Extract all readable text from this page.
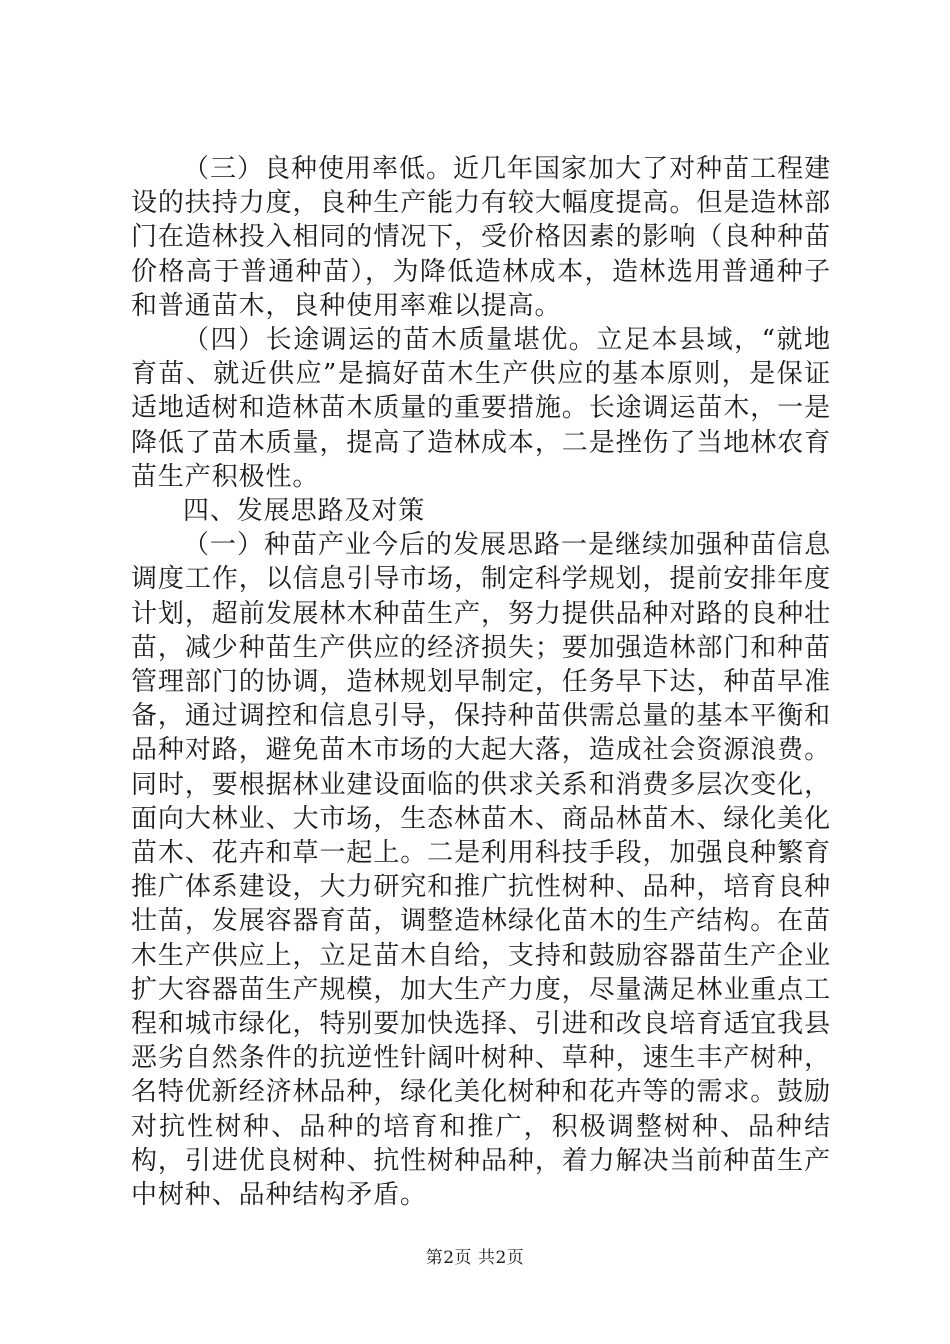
（三）良种使用率低。近几年国家加大了对种苗工程建设的扶持力度，良种生产能力有较大幅度提高。但是造林部门在造林投入相同的情况下，受价格因素的影响（良种种苗价格高于普通种苗），为降低造林成本，造林选用普通种子和普通苗木，良种使用率难以提高。

（四）长途调运的苗木质量堪优。立足本县域，“就地育苗、就近供应”是搞好苗木生产供应的基本原则，是保证适地适树和造林苗木质量的重要措施。长途调运苗木，一是降低了苗木质量，提高了造林成本，二是挫伤了当地林农育苗生产积极性。

四、发展思路及对策

（一）种苗产业今后的发展思路一是继续加强种苗信息调度工作，以信息引导市场，制定科学规划，提前安排年度计划，超前发展林木种苗生产，努力提供品种对路的良种壮苗，减少种苗生产供应的经济损失；要加强造林部门和种苗管理部门的协调，造林规划早制定，任务早下达，种苗早准备，通过调控和信息引导，保持种苗供需总量的基本平衡和品种对路，避免苗木市场的大起大落，造成社会资源浪费。同时，要根据林业建设面临的供求关系和消费多层次变化，面向大林业、大市场，生态林苗木、商品林苗木、绿化美化苗木、花卉和草一起上。二是利用科技手段，加强良种繁育推广体系建设，大力研究和推广抗性树种、品种，培育良种壮苗，发展容器育苗，调整造林绿化苗木的生产结构。在苗木生产供应上，立足苗木自给，支持和鼓励容器苗生产企业扩大容器苗生产规模，加大生产力度，尽量满足林业重点工程和城市绿化，特别要加快选择、引进和改良培育适宜我县恶劣自然条件的抗逆性针阔叶树种、草种，速生丰产树种，名特优新经济林品种，绿化美化树种和花卉等的需求。鼓励对抗性树种、品种的培育和推广，积极调整树种、品种结构，引进优良树种、抗性树种品种，着力解决当前种苗生产中树种、品种结构矛盾。

第2页 共2页
